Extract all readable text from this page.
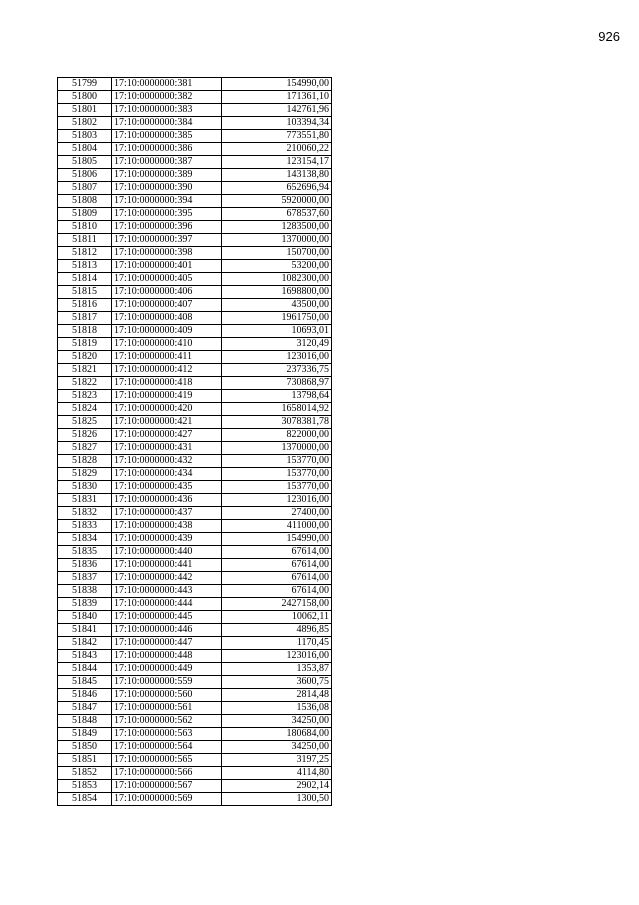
926
51799	17:10:0000000:381	154990,00
51800	17:10:0000000:382	171361,10
51801	17:10:0000000:383	142761,96
51802	17:10:0000000:384	103394,34
51803	17:10:0000000:385	773551,80
51804	17:10:0000000:386	210060,22
51805	17:10:0000000:387	123154,17
51806	17:10:0000000:389	143138,80
51807	17:10:0000000:390	652696,94
51808	17:10:0000000:394	5920000,00
51809	17:10:0000000:395	678537,60
51810	17:10:0000000:396	1283500,00
51811	17:10:0000000:397	1370000,00
51812	17:10:0000000:398	150700,00
51813	17:10:0000000:401	53200,00
51814	17:10:0000000:405	1082300,00
51815	17:10:0000000:406	1698800,00
51816	17:10:0000000:407	43500,00
51817	17:10:0000000:408	1961750,00
51818	17:10:0000000:409	10693,01
51819	17:10:0000000:410	3120,49
51820	17:10:0000000:411	123016,00
51821	17:10:0000000:412	237336,75
51822	17:10:0000000:418	730868,97
51823	17:10:0000000:419	13798,64
51824	17:10:0000000:420	1658014,92
51825	17:10:0000000:421	3078381,78
51826	17:10:0000000:427	822000,00
51827	17:10:0000000:431	1370000,00
51828	17:10:0000000:432	153770,00
51829	17:10:0000000:434	153770,00
51830	17:10:0000000:435	153770,00
51831	17:10:0000000:436	123016,00
51832	17:10:0000000:437	27400,00
51833	17:10:0000000:438	411000,00
51834	17:10:0000000:439	154990,00
51835	17:10:0000000:440	67614,00
51836	17:10:0000000:441	67614,00
51837	17:10:0000000:442	67614,00
51838	17:10:0000000:443	67614,00
51839	17:10:0000000:444	2427158,00
51840	17:10:0000000:445	10062,11
51841	17:10:0000000:446	4896,85
51842	17:10:0000000:447	1170,45
51843	17:10:0000000:448	123016,00
51844	17:10:0000000:449	1353,87
51845	17:10:0000000:559	3600,75
51846	17:10:0000000:560	2814,48
51847	17:10:0000000:561	1536,08
51848	17:10:0000000:562	34250,00
51849	17:10:0000000:563	180684,00
51850	17:10:0000000:564	34250,00
51851	17:10:0000000:565	3197,25
51852	17:10:0000000:566	4114,80
51853	17:10:0000000:567	2902,14
51854	17:10:0000000:569	1300,50
